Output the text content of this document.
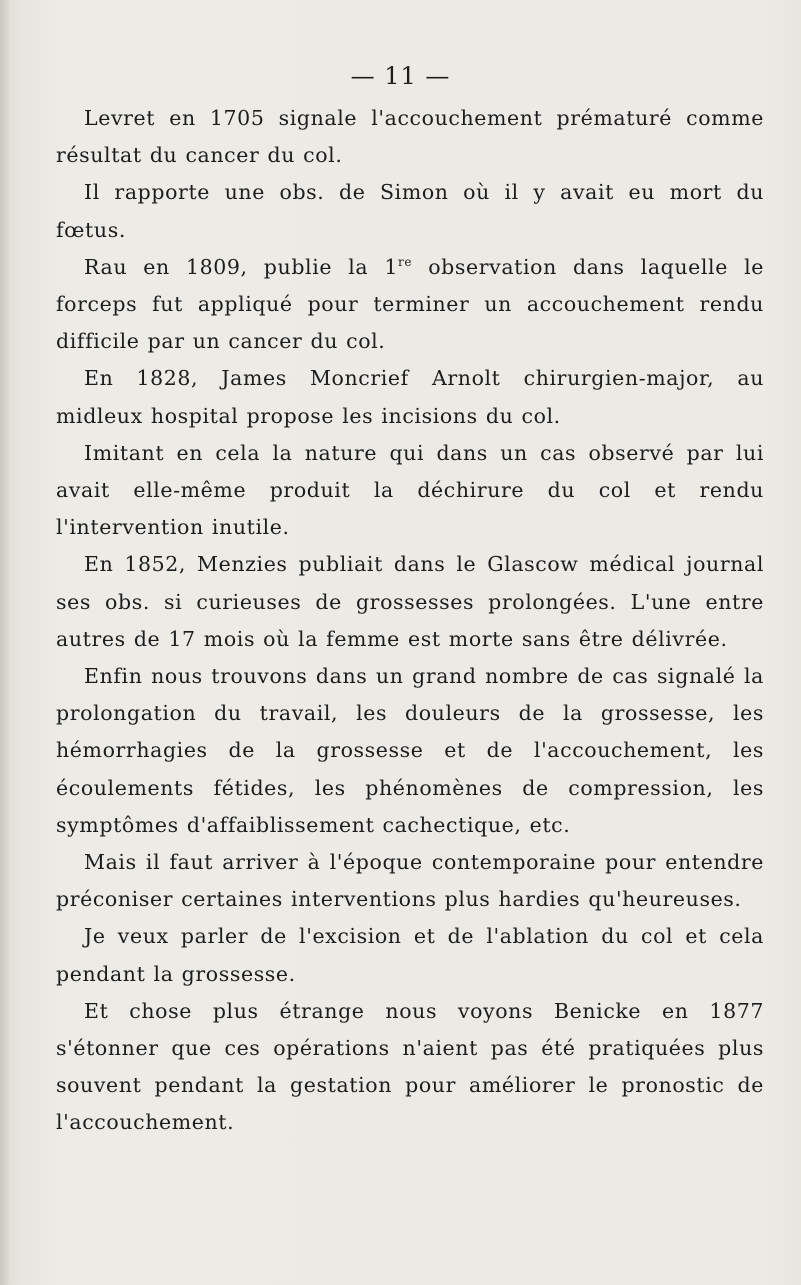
— 11 —

Levret en 1705 signale l'accouchement prématuré comme résultat du cancer du col.

Il rapporte une obs. de Simon où il y avait eu mort du fœtus.

Rau en 1809, publie la 1re observation dans laquelle le forceps fut appliqué pour terminer un accouchement rendu difficile par un cancer du col.

En 1828, James Moncrief Arnolt chirurgien-major, au midleux hospital propose les incisions du col.

Imitant en cela la nature qui dans un cas observé par lui avait elle-même produit la déchirure du col et rendu l'intervention inutile.

En 1852, Menzies publiait dans le Glascow médical journal ses obs. si curieuses de grossesses prolongées. L'une entre autres de 17 mois où la femme est morte sans être délivrée.

Enfin nous trouvons dans un grand nombre de cas signalé la prolongation du travail, les douleurs de la grossesse, les hémorrhagies de la grossesse et de l'accouchement, les écoulements fétides, les phénomènes de compression, les symptômes d'affaiblissement cachectique, etc.

Mais il faut arriver à l'époque contemporaine pour entendre préconiser certaines interventions plus hardies qu'heureuses.

Je veux parler de l'excision et de l'ablation du col et cela pendant la grossesse.

Et chose plus étrange nous voyons Benicke en 1877 s'étonner que ces opérations n'aient pas été pratiquées plus souvent pendant la gestation pour améliorer le pronostic de l'accouchement.
